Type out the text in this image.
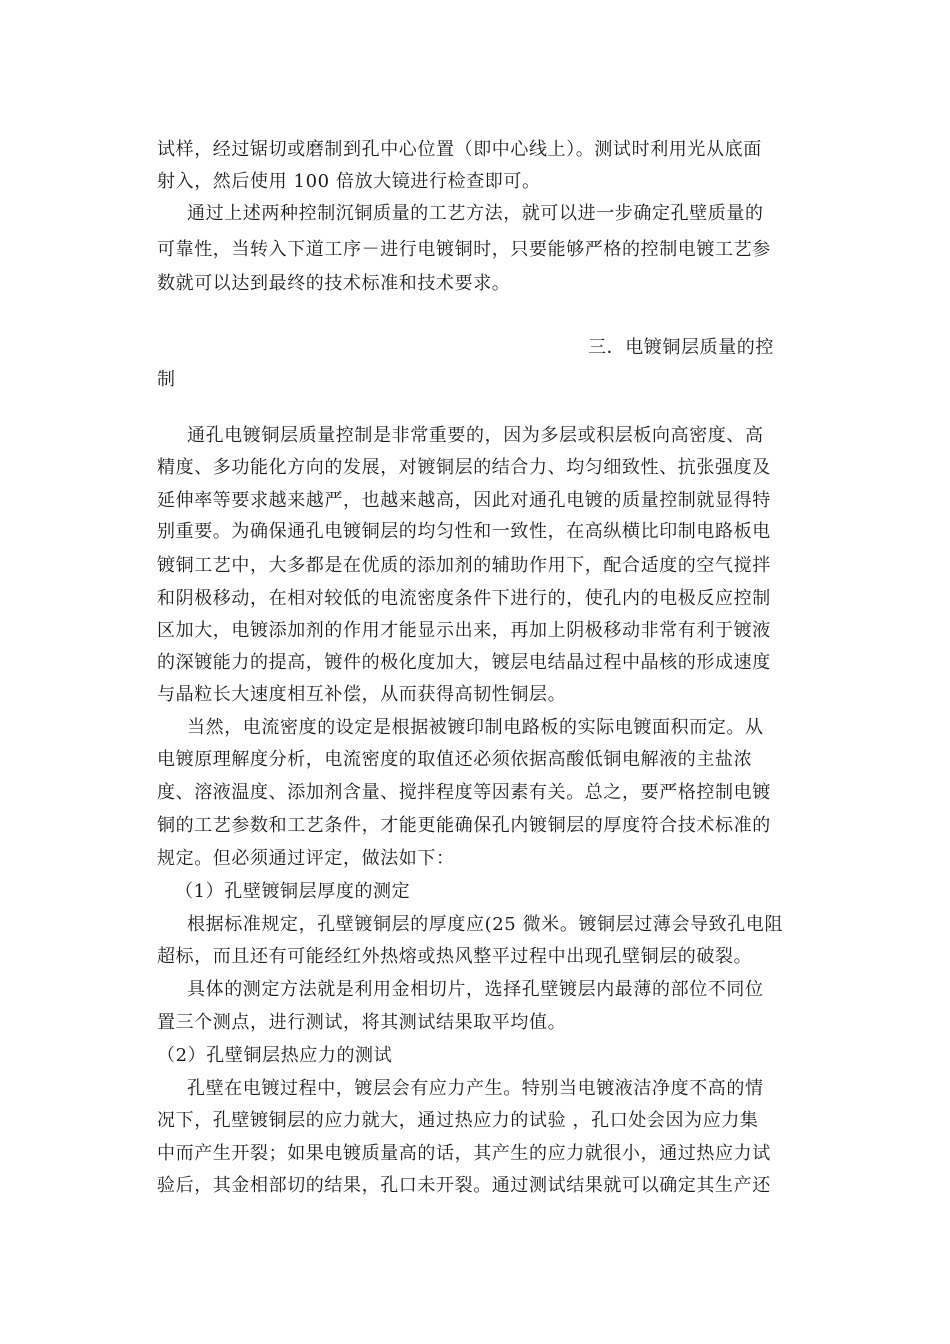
试样，经过锯切或磨制到孔中心位置（即中心线上）。测试时利用光从底面
射入，然后使用 100 倍放大镜进行检查即可。
通过上述两种控制沉铜质量的工艺方法，就可以进一步确定孔壁质量的
可靠性，当转入下道工序－进行电镀铜时，只要能够严格的控制电镀工艺参
数就可以达到最终的技术标准和技术要求。
三．电镀铜层质量的控
制
通孔电镀铜层质量控制是非常重要的，因为多层或积层板向高密度、高
精度、多功能化方向的发展，对镀铜层的结合力、均匀细致性、抗张强度及
延伸率等要求越来越严，也越来越高，因此对通孔电镀的质量控制就显得特
别重要。为确保通孔电镀铜层的均匀性和一致性，在高纵横比印制电路板电
镀铜工艺中，大多都是在优质的添加剂的辅助作用下，配合适度的空气搅拌
和阴极移动，在相对较低的电流密度条件下进行的，使孔内的电极反应控制
区加大，电镀添加剂的作用才能显示出来，再加上阴极移动非常有利于镀液
的深镀能力的提高，镀件的极化度加大，镀层电结晶过程中晶核的形成速度
与晶粒长大速度相互补偿，从而获得高韧性铜层。
当然，电流密度的设定是根据被镀印制电路板的实际电镀面积而定。从
电镀原理解度分析，电流密度的取值还必须依据高酸低铜电解液的主盐浓
度、溶液温度、添加剂含量、搅拌程度等因素有关。总之，要严格控制电镀
铜的工艺参数和工艺条件，才能更能确保孔内镀铜层的厚度符合技术标准的
规定。但必须通过评定，做法如下：
（1）孔壁镀铜层厚度的测定
根据标准规定，孔壁镀铜层的厚度应(25 微米。镀铜层过薄会导致孔电阻
超标，而且还有可能经红外热熔或热风整平过程中出现孔壁铜层的破裂。
具体的测定方法就是利用金相切片，选择孔壁镀层内最薄的部位不同位
置三个测点，进行测试，将其测试结果取平均值。
（2）孔壁铜层热应力的测试
孔壁在电镀过程中，镀层会有应力产生。特别当电镀液洁净度不高的情
况下，孔壁镀铜层的应力就大，通过热应力的试验 ，孔口处会因为应力集
中而产生开裂；如果电镀质量高的话，其产生的应力就很小，通过热应力试
验后，其金相部切的结果，孔口未开裂。通过测试结果就可以确定其生产还
